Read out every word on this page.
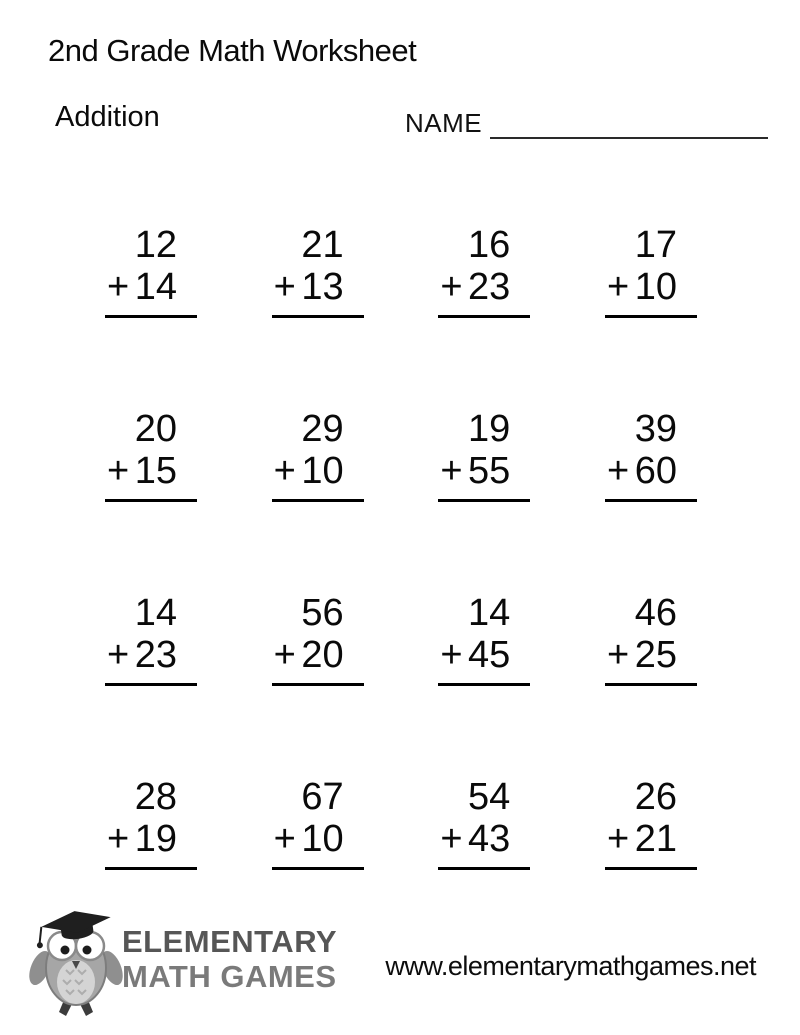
2nd Grade Math Worksheet
Addition	NAME
12
+ 14
21
+ 13
16
+ 23
17
+ 10
20
+ 15
29
+ 10
19
+ 55
39
+ 60
14
+ 23
56
+ 20
14
+ 45
46
+ 25
28
+ 19
67
+ 10
54
+ 43
26
+ 21
ELEMENTARY
MATH GAMES www.elementarymathgames.net
